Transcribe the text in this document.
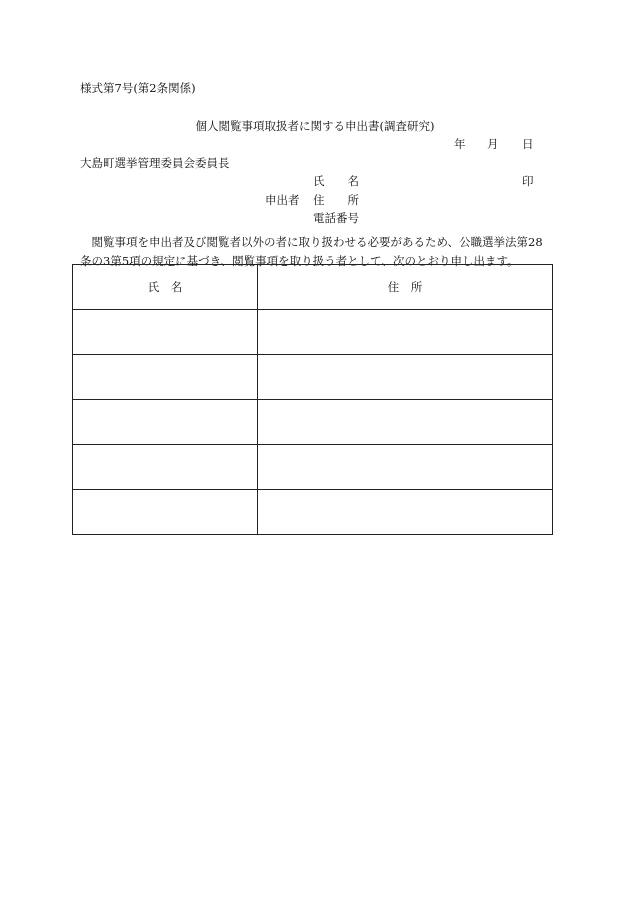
様式第7号(第2条関係)
個人閲覧事項取扱者に関する申出書(調査研究)
年 月 日
大島町選挙管理委員会委員長
氏　　名	印
申出者 住　　所
電話番号
　閲覧事項を申出者及び閲覧者以外の者に取り扱わせる必要があるため、公職選挙法第28
条の3第5項の規定に基づき、閲覧事項を取り扱う者として、次のとおり申し出ます。
氏　名	住　所
